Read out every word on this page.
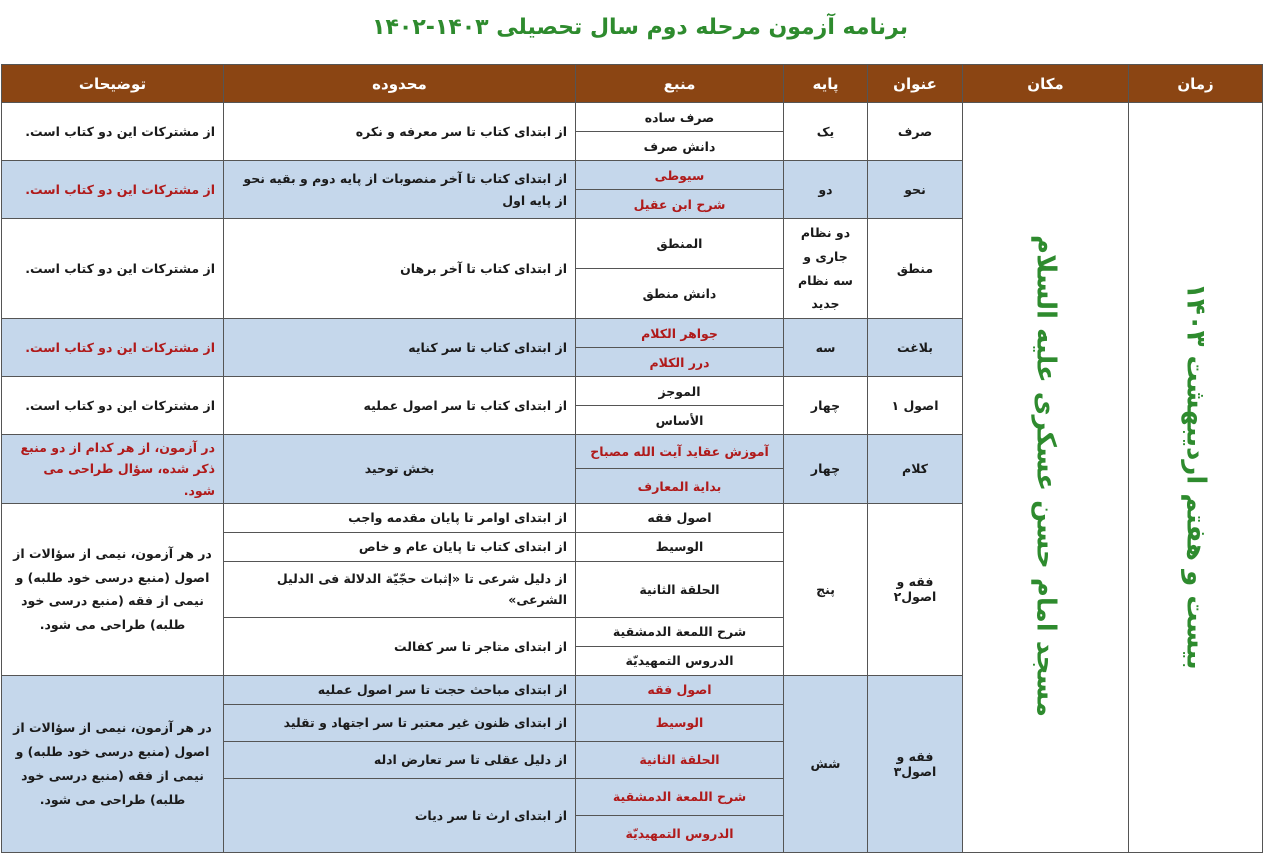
برنامه آزمون مرحله دوم سال تحصیلی ۱۴۰۳-۱۴۰۲
زمان	مکان	عنوان	پایه	منبع	محدوده	توضیحات
بیست و هفتم اردیبهشت ۱۴۰۳	مسجد امام حسن عسکری علیه السلام	صرف	یک	صرف ساده	از ابتدای کتاب تا سر معرفه و نکره	از مشترکات این دو کتاب است.
				دانش صرف		
		نحو	دو	سیوطی	از ابتدای کتاب تا آخر منصوبات از پایه دوم و بقیه نحو از پایه اول	از مشترکات این دو کتاب است.
				شرح ابن عقیل		
		منطق	دو نظام جاری و سه نظام جدید	المنطق	از ابتدای کتاب تا آخر برهان	از مشترکات این دو کتاب است.
				دانش منطق		
		بلاغت	سه	جواهر الکلام	از ابتدای کتاب تا سر کنایه	از مشترکات این دو کتاب است.
				درر الکلام		
		اصول ۱	چهار	الموجز	از ابتدای کتاب تا سر اصول عملیه	از مشترکات این دو کتاب است.
				الأساس		
		کلام	چهار	آموزش عقاید آیت الله مصباح	بخش توحید	در آزمون، از هر کدام از دو منبع ذکر شده، سؤال طراحی می شود.
				بدایة المعارف		
		فقه و اصول۲	پنج	اصول فقه	از ابتدای اوامر تا پایان مقدمه واجب	در هر آزمون، نیمی از سؤالات از اصول (منبع درسی خود طلبه) و نیمی از فقه (منبع درسی خود طلبه) طراحی می شود.
				الوسیط	از ابتدای کتاب تا پایان عام و خاص	
				الحلقة الثانیة	از دلیل شرعی تا «إثبات حجّیّة الدلالة فی الدلیل الشرعی»	
				شرح اللمعة الدمشقیة	از ابتدای متاجر تا سر کفالت	
				الدروس التمهیدیّة		
		فقه و اصول۳	شش	اصول فقه	از ابتدای مباحث حجت تا سر اصول عملیه	در هر آزمون، نیمی از سؤالات از اصول (منبع درسی خود طلبه) و نیمی از فقه (منبع درسی خود طلبه) طراحی می شود.
				الوسیط	از ابتدای ظنون غیر معتبر تا سر اجتهاد و تقلید	
				الحلقة الثانیة	از دلیل عقلی تا سر تعارض ادله	
				شرح اللمعة الدمشقیة	از ابتدای ارث تا سر دیات	
				الدروس التمهیدیّة		
